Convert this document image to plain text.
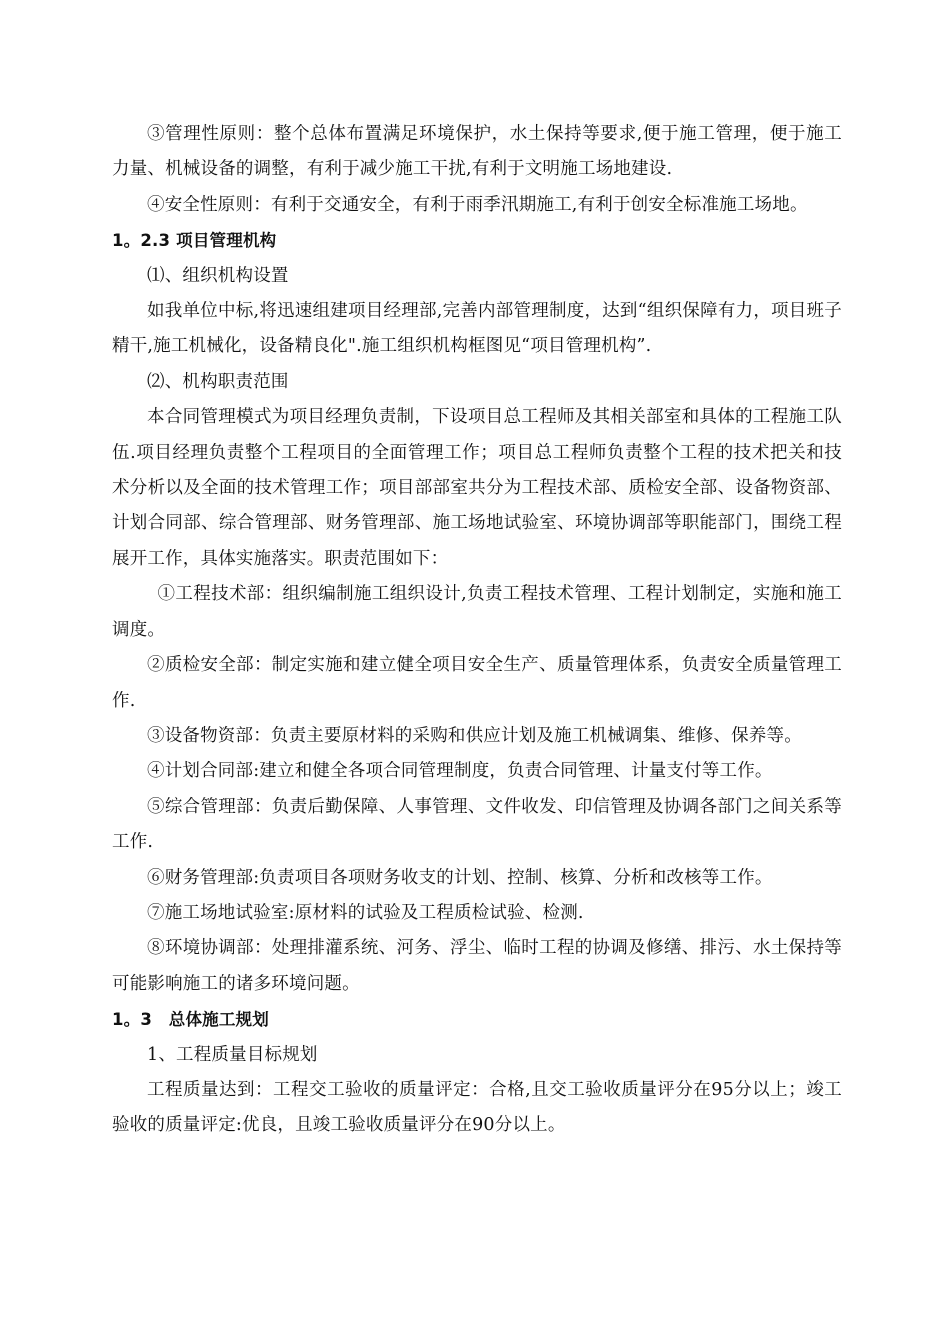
③管理性原则：整个总体布置满足环境保护，水土保持等要求,便于施工管理，便于施工力量、机械设备的调整，有利于减少施工干扰,有利于文明施工场地建设.

④安全性原则：有利于交通安全，有利于雨季汛期施工,有利于创安全标准施工场地。

1。2.3 项目管理机构

⑴、组织机构设置

如我单位中标,将迅速组建项目经理部,完善内部管理制度，达到“组织保障有力，项目班子精干,施工机械化，设备精良化".施工组织机构框图见“项目管理机构”.

⑵、机构职责范围

本合同管理模式为项目经理负责制，下设项目总工程师及其相关部室和具体的工程施工队伍.项目经理负责整个工程项目的全面管理工作；项目总工程师负责整个工程的技术把关和技术分析以及全面的技术管理工作；项目部部室共分为工程技术部、质检安全部、设备物资部、计划合同部、综合管理部、财务管理部、施工场地试验室、环境协调部等职能部门，围绕工程展开工作，具体实施落实。职责范围如下：

①工程技术部：组织编制施工组织设计,负责工程技术管理、工程计划制定，实施和施工调度。

②质检安全部：制定实施和建立健全项目安全生产、质量管理体系，负责安全质量管理工作.

③设备物资部：负责主要原材料的采购和供应计划及施工机械调集、维修、保养等。

④计划合同部:建立和健全各项合同管理制度，负责合同管理、计量支付等工作。

⑤综合管理部：负责后勤保障、人事管理、文件收发、印信管理及协调各部门之间关系等工作.

⑥财务管理部:负责项目各项财务收支的计划、控制、核算、分析和改核等工作。

⑦施工场地试验室:原材料的试验及工程质检试验、检测.

⑧环境协调部：处理排灌系统、河务、浮尘、临时工程的协调及修缮、排污、水土保持等可能影响施工的诸多环境问题。

1。3　总体施工规划

1、工程质量目标规划

工程质量达到：工程交工验收的质量评定：合格,且交工验收质量评分在95分以上；竣工验收的质量评定:优良，且竣工验收质量评分在90分以上。
